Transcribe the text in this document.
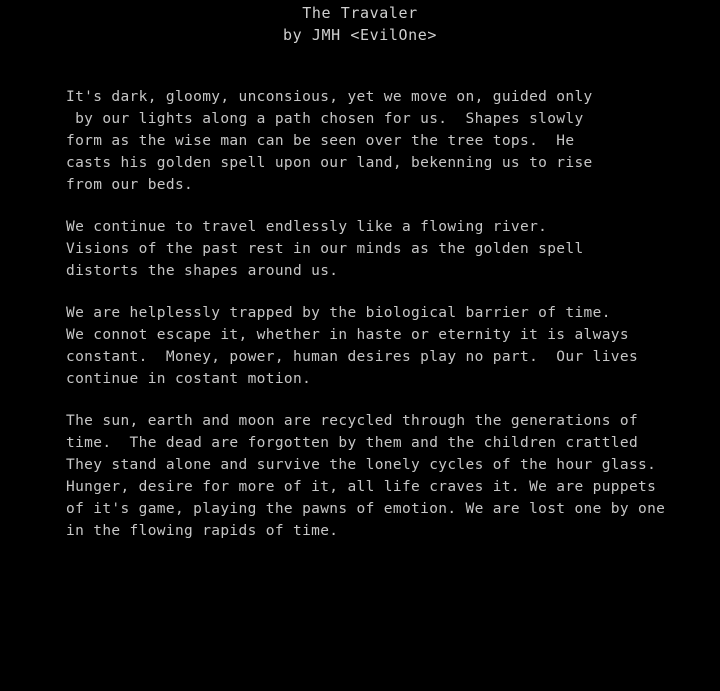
The Travaler
by JMH <EvilOne>
It's dark, gloomy, unconsious, yet we move on, guided only
by our lights along a path chosen for us.  Shapes slowly
form as the wise man can be seen over the tree tops.  He
casts his golden spell upon our land, bekenning us to rise
from our beds.
We continue to travel endlessly like a flowing river.
Visions of the past rest in our minds as the golden spell
distorts the shapes around us.
We are helplessly trapped by the biological barrier of time.
We connot escape it, whether in haste or eternity it is always
constant.  Money, power, human desires play no part.  Our lives
continue in costant motion.
The sun, earth and moon are recycled through the generations of
time.  The dead are forgotten by them and the children crattled
They stand alone and survive the lonely cycles of the hour glass.
Hunger, desire for more of it, all life craves it. We are puppets
of it's game, playing the pawns of emotion. We are lost one by one
in the flowing rapids of time.
